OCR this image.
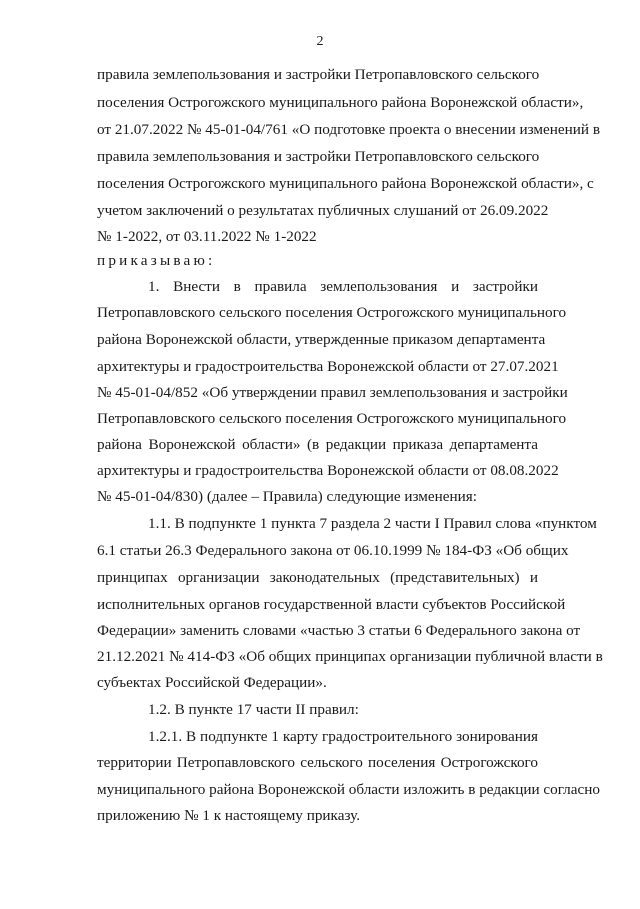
2
правила землепользования и застройки Петропавловского сельского
поселения Острогожского муниципального района Воронежской области»,
от 21.07.2022 № 45-01-04/761 «О подготовке проекта о внесении изменений в
правила землепользования и застройки Петропавловского сельского
поселения Острогожского муниципального района Воронежской области», с
учетом заключений о результатах публичных слушаний от 26.09.2022
№ 1-2022, от 03.11.2022 № 1-2022
приказываю:
1. Внести в правила землепользования и застройки
Петропавловского сельского поселения Острогожского муниципального
района Воронежской области, утвержденные приказом департамента
архитектуры и градостроительства Воронежской области от 27.07.2021
№ 45-01-04/852 «Об утверждении правил землепользования и застройки
Петропавловского сельского поселения Острогожского муниципального
района Воронежской области» (в редакции приказа департамента
архитектуры и градостроительства Воронежской области от 08.08.2022
№ 45-01-04/830) (далее – Правила) следующие изменения:
1.1. В подпункте 1 пункта 7 раздела 2 части I Правил слова «пунктом
6.1 статьи 26.3 Федерального закона от 06.10.1999 № 184-ФЗ «Об общих
принципах организации законодательных (представительных) и
исполнительных органов государственной власти субъектов Российской
Федерации» заменить словами «частью 3 статьи 6 Федерального закона от
21.12.2021 № 414-ФЗ «Об общих принципах организации публичной власти в
субъектах Российской Федерации».
1.2. В пункте 17 части II правил:
1.2.1. В подпункте 1 карту градостроительного зонирования
территории Петропавловского сельского поселения Острогожского
муниципального района Воронежской области изложить в редакции согласно
приложению № 1 к настоящему приказу.
